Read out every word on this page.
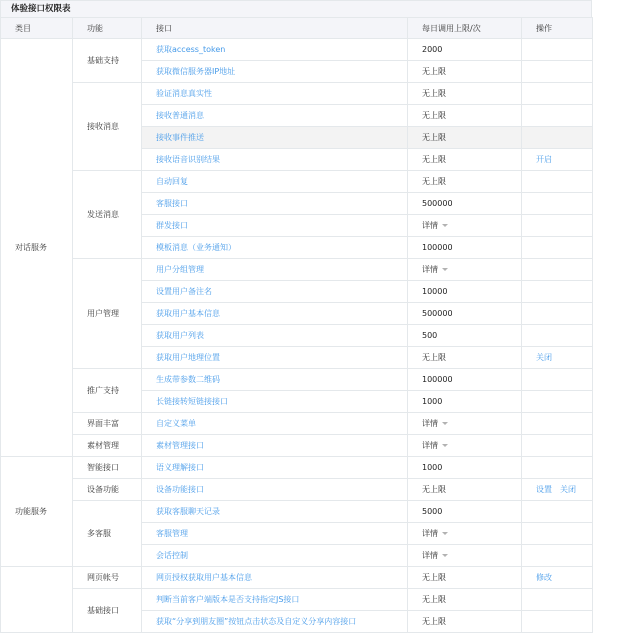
体验接口权限表
类目	功能	接口	每日调用上限/次	操作
对话服务	基础支持	获取access_token	2000	
		获取微信服务器IP地址	无上限	
	接收消息	验证消息真实性	无上限	
		接收普通消息	无上限	
		接收事件推送	无上限	
		接收语音识别结果	无上限	开启
	发送消息	自动回复	无上限	
		客服接口	500000	
		群发接口	详情	
		模板消息（业务通知）	100000	
	用户管理	用户分组管理	详情	
		设置用户备注名	10000	
		获取用户基本信息	500000	
		获取用户列表	500	
		获取用户地理位置	无上限	关闭
	推广支持	生成带参数二维码	100000	
		长链接转短链接接口	1000	
	界面丰富	自定义菜单	详情	
	素材管理	素材管理接口	详情	
功能服务	智能接口	语义理解接口	1000	
	设备功能	设备功能接口	无上限	设置 关闭
	多客服	获取客服聊天记录	5000	
		客服管理	详情	
		会话控制	详情	
	网页帐号	网页授权获取用户基本信息	无上限	修改
	基础接口	判断当前客户端版本是否支持指定JS接口	无上限	
		获取“分享到朋友圈”按钮点击状态及自定义分享内容接口	无上限	
